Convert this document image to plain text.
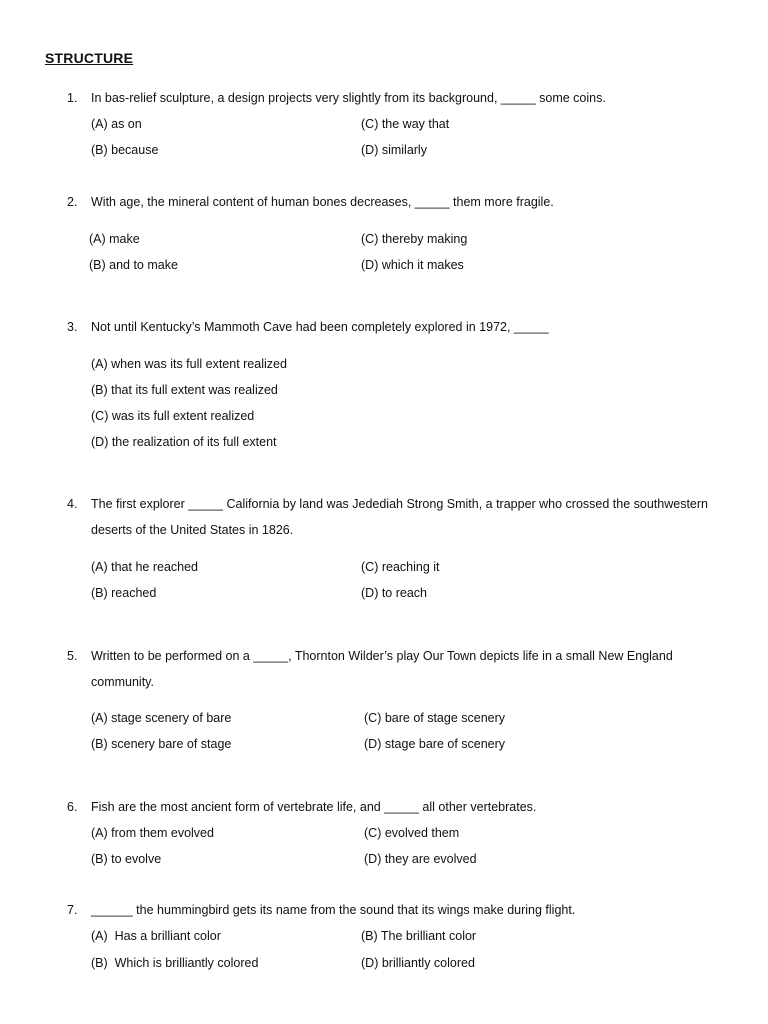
STRUCTURE
1. In bas-relief sculpture, a design projects very slightly from its background, _____ some coins.
(A) as on	(C) the way that
(B) because	(D) similarly
2. With age, the mineral content of human bones decreases, _____ them more fragile.
(A) make	(C) thereby making
(B) and to make	(D) which it makes
3. Not until Kentucky’s Mammoth Cave had been completely explored in 1972, _____
(A) when was its full extent realized
(B) that its full extent was realized
(C) was its full extent realized
(D) the realization of its full extent
4. The first explorer _____ California by land was Jedediah Strong Smith, a trapper who crossed the southwestern
deserts of the United States in 1826.
(A) that he reached	(C) reaching it
(B) reached	(D) to reach
5. Written to be performed on a _____, Thornton Wilder’s play Our Town depicts life in a small New England
community.
(A) stage scenery of bare	(C) bare of stage scenery
(B) scenery bare of stage	(D) stage bare of scenery
6. Fish are the most ancient form of vertebrate life, and _____ all other vertebrates.
(A) from them evolved	(C) evolved them
(B) to evolve	(D) they are evolved
7. ______ the hummingbird gets its name from the sound that its wings make during flight.
(A)  Has a brilliant color	(B) The brilliant color
(B)  Which is brilliantly colored	(D) brilliantly colored
